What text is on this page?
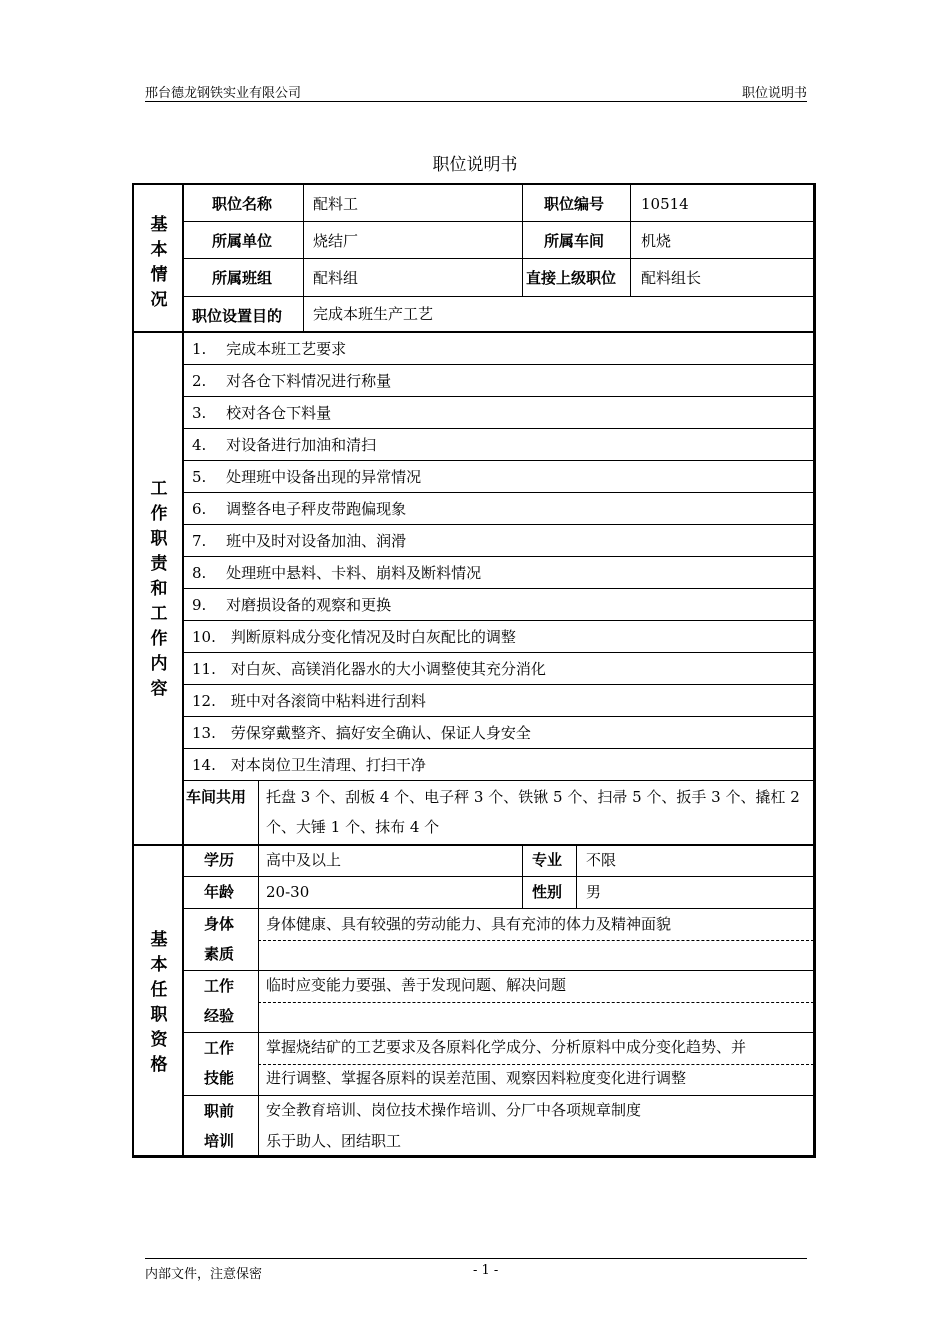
邢台德龙钢铁实业有限公司	职位说明书
职位说明书
基
本
情
况
职位名称	配料工	职位编号 10514
所属单位	烧结厂	所属车间 机烧
所属班组	配料组	直接上级职位 配料组长
职位设置目的 完成本班生产工艺
工
作
职
责
和
工
作
内
容
1.　 完成本班工艺要求
2.　 对各仓下料情况进行称量
3.　 校对各仓下料量
4.　 对设备进行加油和清扫
5.　 处理班中设备出现的异常情况
6.　 调整各电子秤皮带跑偏现象
7.　 班中及时对设备加油、润滑
8.　 处理班中悬料、卡料、崩料及断料情况
9.　 对磨损设备的观察和更换
10.　判断原料成分变化情况及时白灰配比的调整
11.　对白灰、高镁消化器水的大小调整使其充分消化
12.　班中对各滚筒中粘料进行刮料
13.　劳保穿戴整齐、搞好安全确认、保证人身安全
14.　对本岗位卫生清理、打扫干净
车间共用 托盘 3 个、刮板 4 个、电子秤 3 个、铁锹 5 个、扫帚 5 个、扳手 3 个、撬杠 2
个、大锤 1 个、抹布 4 个
基
本
任
职
资
格
学历 高中及以上	专业 不限
年龄 20-30	性别 男
身体
素质
身体健康、具有较强的劳动能力、具有充沛的体力及精神面貌
工作
经验
临时应变能力要强、善于发现问题、解决问题
工作
技能
掌握烧结矿的工艺要求及各原料化学成分、分析原料中成分变化趋势、并
进行调整、掌握各原料的误差范围、观察因料粒度变化进行调整
职前
培训
安全教育培训、岗位技术操作培训、分厂中各项规章制度
乐于助人、团结职工
内部文件，注意保密	- 1 -
